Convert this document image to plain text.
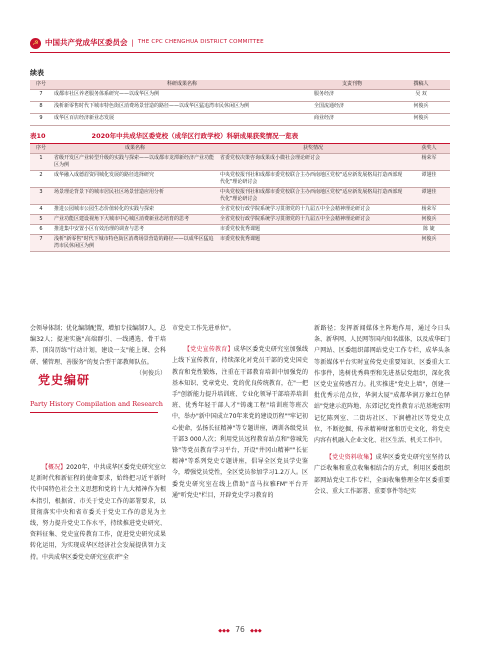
☭ 中国共产党成华区委员会 | THE CPC CHENGHUA DISTRICT COMMITTEE
续表
序号	科研成果名称	支责刊物	撰稿人
7	成都市社区养老服务体系研究——以成华区为例	服务经济	吴 双
8	浅析新零售时代下城市特色街区消费场景营造的路径——以成华区猛追湾市民休闲区为例	全国流通经济	何俊兵
9	成华区百店经济新业态发展	商业经济	何俊兵
表10	2020年中共成华区委党校（成华区行政学校）科研成果获奖情况一览表
序号	成果名称	获奖情况	获奖人
1	省级开发区产业转型升级的实践与探索——以成都市龙潭新经济产业功能区为例	省委党校决策咨询成果成小微社会理论研讨会	杨荣军
2	成华融入成德眉资同城化发展的路径选择研究	中央党校报刊社和成都市委党校联合主办西南地区党校"适应新发展格局打造西部现代化"理论研讨会	谭翅佳
3	场景理论背景下的城市居民社区场景营造应用分析	中央党校报刊社和成都市委党校联合主办西南地区党校"适应新发展格局打造西部现代化"理论研讨会	谭翅佳
4	推进公园城市公园生态价值转化的实践与探索	全省党校行政学院系统学习贯彻党的十九届五中全会精神理论研讨会	杨荣军
5	产业功能区建设视角下大城市中心城区消费新业态培育的思考	全省党校行政学院系统学习贯彻党的十九届五中全会精神理论研讨会	何俊兵
6	推进集中安置小区有效治理的调查与思考	市委党校优秀课题	陈 婕
7	浅析"新零售"时代下城市特色街区消费场景营造的路径——以成华区猛追湾市民休闲区为例	市委党校优秀课题	何俊兵

会领导体制；优化编制配置，增加专技编制7人，总编32人；提速实施"高端群引、一线遴选、骨干培养、顶岗历练"行动计划，建设一支"能上课、会科研、懂管理、善服务"的复合型干部教师队伍。

（何俊兵）
党史编研
Party History Compilation and Research

【概况】2020年，中共成华区委党史研究室立足新时代和新征程的使命要求，始终把习近平新时代中国特色社会主义思想和党的十九大精神作为根本指引，根据省、市关于党史工作的部署要求，以贯彻落实中央和省市委关于党史工作的意见为主线，努力提升党史工作水平，持续推进党史研究、资料征集、党史宣传教育工作，促进党史研究成果转化运用，为实现成华区经济社会发展提供智力支持。中共成华区委党史研究室获评"全

市党史工作先进单位"。

【党史宣传教育】成华区委党史研究室加强线上线下宣传教育，持续深化对党员干部的党史国史教育和党性锻炼，注重在干部教育培训中加强党的基本知识、党章党史、党的优良传统教育，在"一把手"创新能力提升培训班、专业化领导干部培养培训班、优秀年轻干部人才"铸魂工程"培训班等班次中，举办"新中国成立70年来党的建设历程""牢记初心使命，弘扬长征精神"等专题讲座，调训各级党员干部3 000人次；利用党员远程教育站点和"蓉城先锋"等党员教育学习平台，开设"井冈山精神""长征精神"等系列党史专题讲座，倡导全区党员学史鉴今，增强党员党性，全区党员参加学习1.2万人。区委党史研究室在线上借助"喜马拉雅FM"平台开通"听党史"栏目，开辟党史学习教育的

新路径；发挥新闻媒体主阵地作用，通过今日头条、新华网、人民网等国内知名媒体，以及成华E门户网站、区委组织部网站党史工作专栏，成华头条等新媒体平台实时宣传党史重要知识、区委重大工作事件，选树优秀典型和先进基层党组织，深化我区党史宣传感召力。扎实推进"党史上墙"，创建一批优秀示范点位，华润大厦"成都华润万象红色驿站"党建示范阵地、东郊记忆党性教育示范基地宏明记忆陈列室、二街坊社区、下涧槽社区等党史点位，不断挖掘、传承精神财富和历史文化，将党史内容有机融入企业文化、社区生活、机关工作中。

【党史资料收集】成华区委党史研究室坚持以广泛收集和重点收集相结合的方式，利用区委组织部网站党史工作专栏，全面收集整理全年区委重要会议、重大工作部署、重要事件等纪实

◆◆◆ 76 ◆◆◆
